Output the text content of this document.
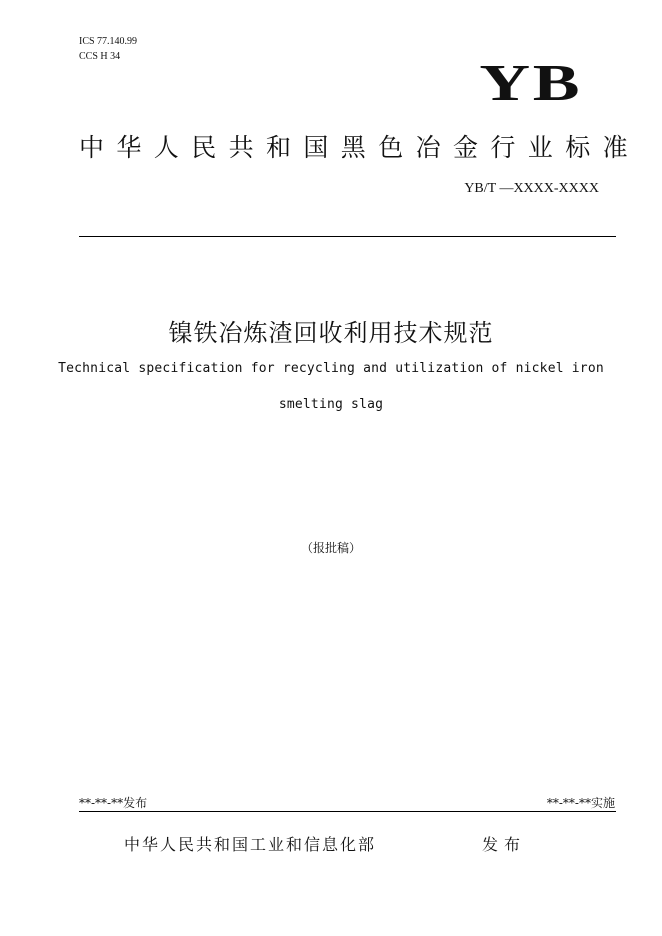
ICS 77.140.99
CCS H 34	YB
中华人民共和国黑色冶金行业标准
YB/T —XXXX-XXXX
镍铁冶炼渣回收利用技术规范
Technical specification for recycling and utilization of nickel iron
smelting slag
（报批稿）
**-**-**发布	**-**-**实施
中华人民共和国工业和信息化部	发布
